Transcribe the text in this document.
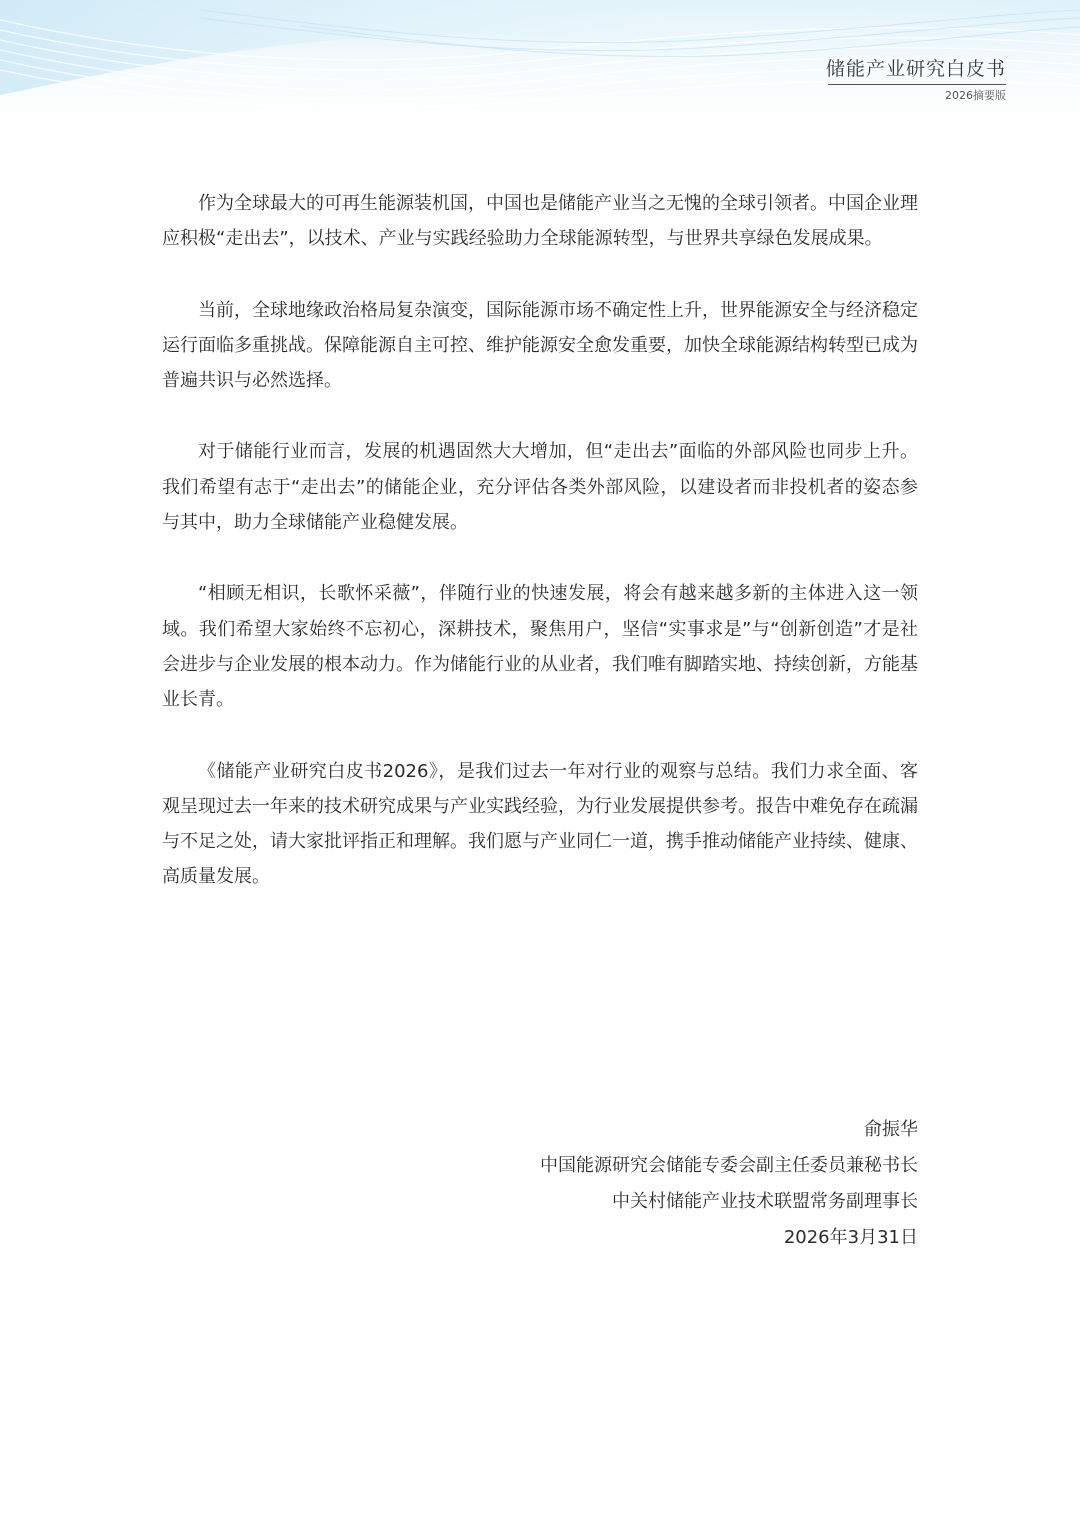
储能产业研究白皮书
2026摘要版

作为全球最大的可再生能源装机国，中国也是储能产业当之无愧的全球引领者。中国企业理应积极“走出去”，以技术、产业与实践经验助力全球能源转型，与世界共享绿色发展成果。

当前，全球地缘政治格局复杂演变，国际能源市场不确定性上升，世界能源安全与经济稳定运行面临多重挑战。保障能源自主可控、维护能源安全愈发重要，加快全球能源结构转型已成为普遍共识与必然选择。

对于储能行业而言，发展的机遇固然大大增加，但“走出去”面临的外部风险也同步上升。我们希望有志于“走出去”的储能企业，充分评估各类外部风险，以建设者而非投机者的姿态参与其中，助力全球储能产业稳健发展。

“相顾无相识，长歌怀采薇”，伴随行业的快速发展，将会有越来越多新的主体进入这一领域。我们希望大家始终不忘初心，深耕技术，聚焦用户，坚信“实事求是”与“创新创造”才是社会进步与企业发展的根本动力。作为储能行业的从业者，我们唯有脚踏实地、持续创新，方能基业长青。

《储能产业研究白皮书2026》，是我们过去一年对行业的观察与总结。我们力求全面、客观呈现过去一年来的技术研究成果与产业实践经验，为行业发展提供参考。报告中难免存在疏漏与不足之处，请大家批评指正和理解。我们愿与产业同仁一道，携手推动储能产业持续、健康、高质量发展。

俞振华
中国能源研究会储能专委会副主任委员兼秘书长
中关村储能产业技术联盟常务副理事长
2026年3月31日
